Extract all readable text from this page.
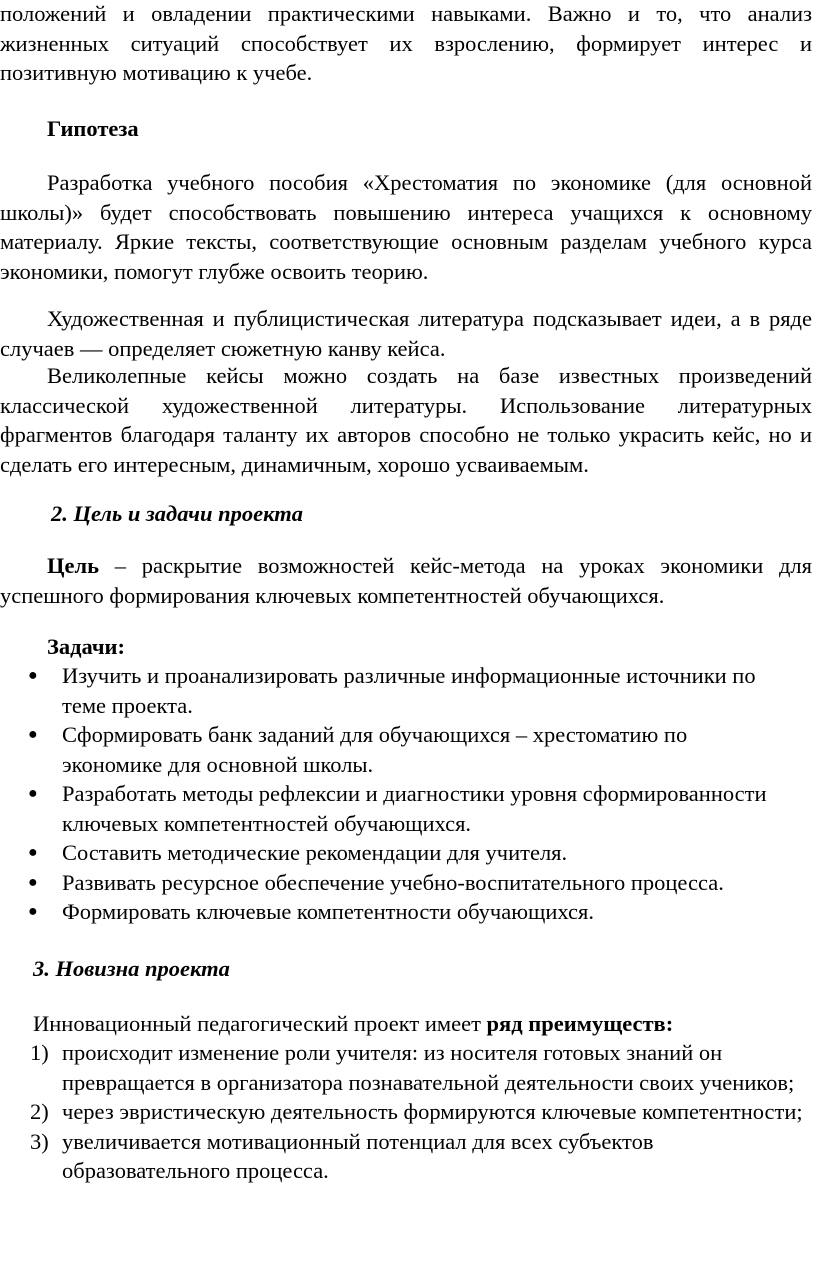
положений и овладении практическими навыками. Важно и то, что анализ жизненных ситуаций способствует их взрослению, формирует интерес и позитивную мотивацию к учебе.

Гипотеза

Разработка учебного пособия «Хрестоматия по экономике (для основной школы)» будет способствовать повышению интереса учащихся к основному материалу. Яркие тексты, соответствующие основным разделам учебного курса экономики, помогут глубже освоить теорию.

Художественная и публицистическая литература подсказывает идеи, а в ряде случаев — определяет сюжетную канву кейса.

Великолепные кейсы можно создать на базе известных произведений классической художественной литературы. Использование литературных фрагментов благодаря таланту их авторов способно не только украсить кейс, но и сделать его интересным, динамичным, хорошо усваиваемым.

2. Цель и задачи проекта

Цель – раскрытие возможностей кейс-метода на уроках экономики для успешного формирования ключевых компетентностей обучающихся.

Задачи:
● Изучить и проанализировать различные информационные источники по теме проекта.
● Сформировать банк заданий для обучающихся – хрестоматию по экономике для основной школы.
● Разработать методы рефлексии и диагностики уровня сформированности ключевых компетентностей обучающихся.
● Составить методические рекомендации для учителя.
● Развивать ресурсное обеспечение учебно-воспитательного процесса.
● Формировать ключевые компетентности обучающихся.
3. Новизна проекта
Инновационный педагогический проект имеет ряд преимуществ:
1) происходит изменение роли учителя: из носителя готовых знаний он превращается в организатора познавательной деятельности своих учеников;
2) через эвристическую деятельность формируются ключевые компетентности;
3) увеличивается мотивационный потенциал для всех субъектов образовательного процесса.
